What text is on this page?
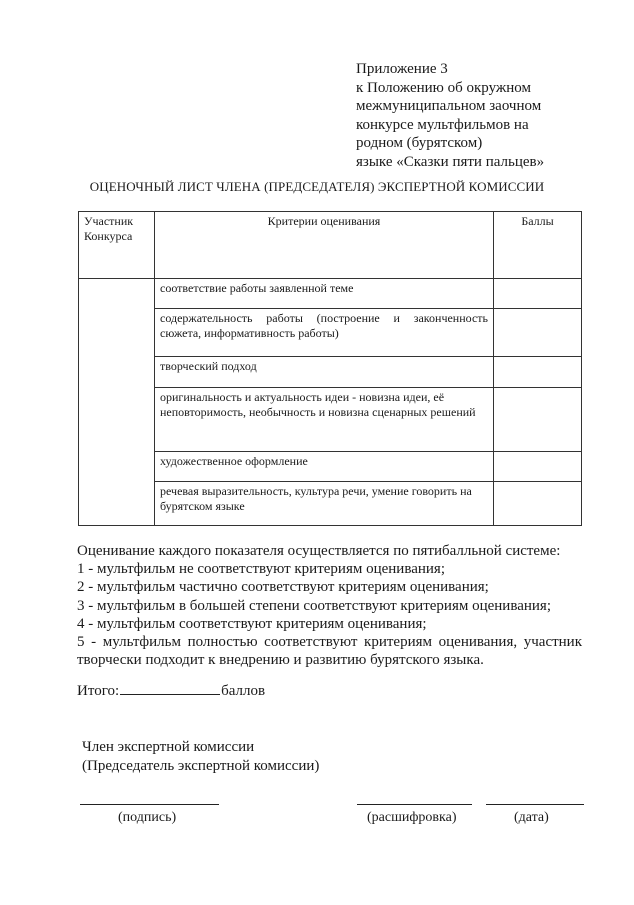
Приложение 3
к Положению об окружном
межмуниципальном заочном
конкурсе мультфильмов на
родном (бурятском)
языке «Сказки пяти пальцев»
ОЦЕНОЧНЫЙ ЛИСТ ЧЛЕНА (ПРЕДСЕДАТЕЛЯ) ЭКСПЕРТНОЙ КОМИССИИ
Участник Конкурса	Критерии оценивания	Баллы

	соответствие работы заявленной теме	
	содержательность работы (построение и законченность сюжета, информативность работы)	
	творческий подход	
	оригинальность и актуальность идеи - новизна идеи, её неповторимость, необычность и новизна сценарных решений	
	художественное оформление	
	речевая выразительность, культура речи, умение говорить на бурятском языке	

Оценивание каждого показателя осуществляется по пятибалльной системе:

1 - мультфильм не соответствуют критериям оценивания;

2 - мультфильм частично соответствуют критериям оценивания;

3 - мультфильм в большей степени соответствуют критериям оценивания;

4 - мультфильм соответствуют критериям оценивания;

5 - мультфильм полностью соответствуют критериям оценивания, участник творчески подходит к внедрению и развитию бурятского языка.

Итого:	баллов
Член экспертной комиссии
(Председатель экспертной комиссии)
(подпись)	(расшифровка)	(дата)
